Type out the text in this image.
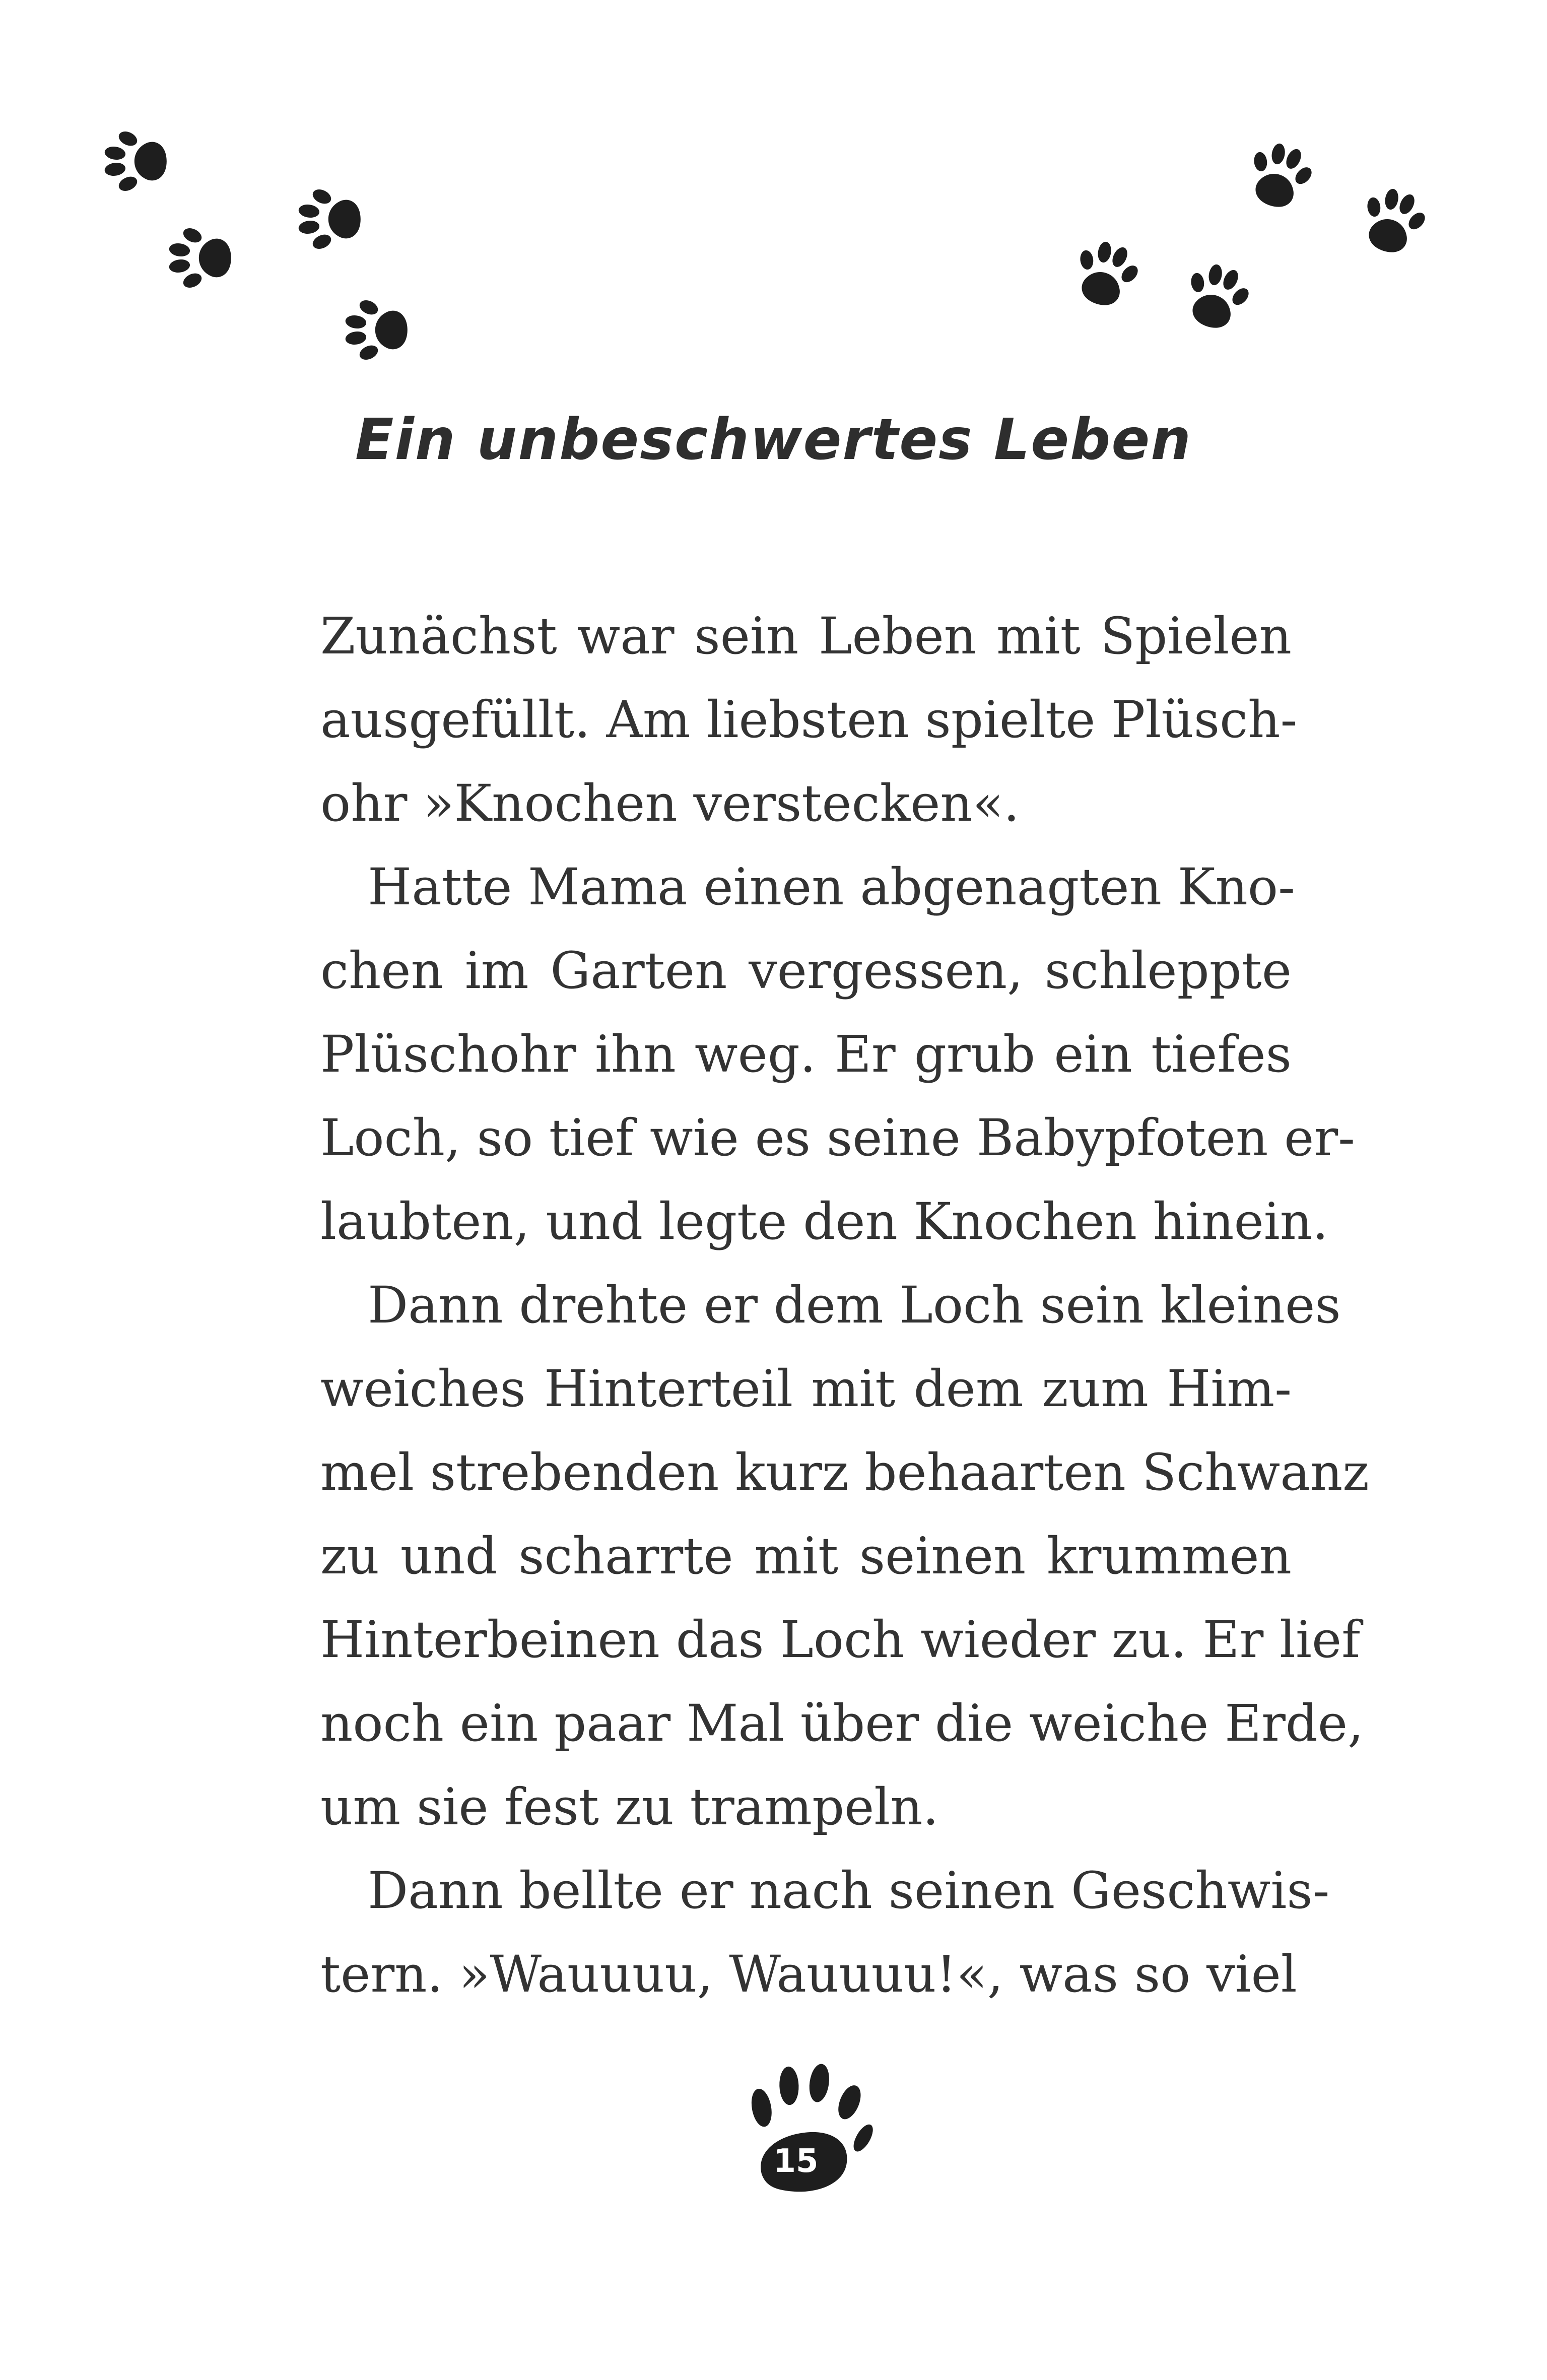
Ein unbeschwertes Leben
Zunächst war sein Leben mit Spielen
ausgefüllt. Am liebsten spielte Plüsch-
ohr »Knochen verstecken«.
Hatte Mama einen abgenagten Kno-
chen im Garten vergessen, schleppte
Plüschohr ihn weg. Er grub ein tiefes
Loch, so tief wie es seine Babypfoten er-
laubten, und legte den Knochen hinein.
Dann drehte er dem Loch sein kleines
weiches Hinterteil mit dem zum Him-
mel strebenden kurz behaarten Schwanz
zu und scharrte mit seinen krummen
Hinterbeinen das Loch wieder zu. Er lief
noch ein paar Mal über die weiche Erde,
um sie fest zu trampeln.
Dann bellte er nach seinen Geschwis-
tern. »Wauuuu, Wauuuu!«, was so viel
15
